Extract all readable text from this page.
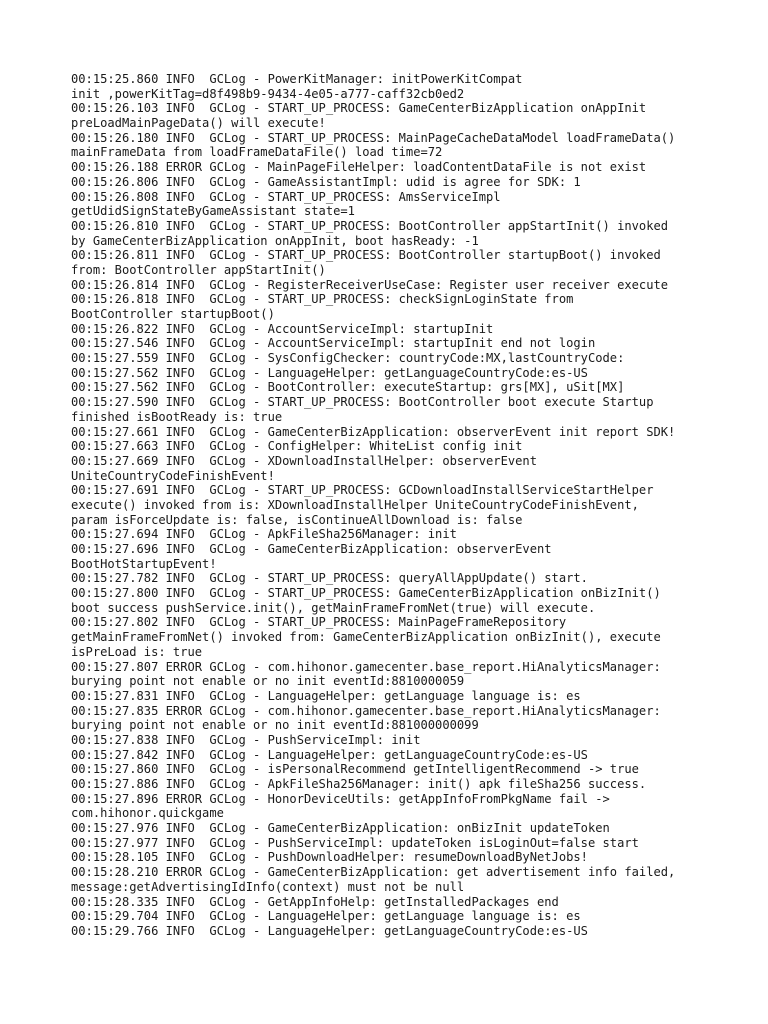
00:15:25.860 INFO  GCLog - PowerKitManager: initPowerKitCompat
init ,powerKitTag=d8f498b9-9434-4e05-a777-caff32cb0ed2
00:15:26.103 INFO  GCLog - START_UP_PROCESS: GameCenterBizApplication onAppInit
preLoadMainPageData() will execute!
00:15:26.180 INFO  GCLog - START_UP_PROCESS: MainPageCacheDataModel loadFrameData()
mainFrameData from loadFrameDataFile() load time=72
00:15:26.188 ERROR GCLog - MainPageFileHelper: loadContentDataFile is not exist
00:15:26.806 INFO  GCLog - GameAssistantImpl: udid is agree for SDK: 1
00:15:26.808 INFO  GCLog - START_UP_PROCESS: AmsServiceImpl
getUdidSignStateByGameAssistant state=1
00:15:26.810 INFO  GCLog - START_UP_PROCESS: BootController appStartInit() invoked
by GameCenterBizApplication onAppInit, boot hasReady: -1
00:15:26.811 INFO  GCLog - START_UP_PROCESS: BootController startupBoot() invoked
from: BootController appStartInit()
00:15:26.814 INFO  GCLog - RegisterReceiverUseCase: Register user receiver execute
00:15:26.818 INFO  GCLog - START_UP_PROCESS: checkSignLoginState from
BootController startupBoot()
00:15:26.822 INFO  GCLog - AccountServiceImpl: startupInit
00:15:27.546 INFO  GCLog - AccountServiceImpl: startupInit end not login
00:15:27.559 INFO  GCLog - SysConfigChecker: countryCode:MX,lastCountryCode:
00:15:27.562 INFO  GCLog - LanguageHelper: getLanguageCountryCode:es-US
00:15:27.562 INFO  GCLog - BootController: executeStartup: grs[MX], uSit[MX]
00:15:27.590 INFO  GCLog - START_UP_PROCESS: BootController boot execute Startup
finished isBootReady is: true
00:15:27.661 INFO  GCLog - GameCenterBizApplication: observerEvent init report SDK!
00:15:27.663 INFO  GCLog - ConfigHelper: WhiteList config init
00:15:27.669 INFO  GCLog - XDownloadInstallHelper: observerEvent
UniteCountryCodeFinishEvent!
00:15:27.691 INFO  GCLog - START_UP_PROCESS: GCDownloadInstallServiceStartHelper
execute() invoked from is: XDownloadInstallHelper UniteCountryCodeFinishEvent,
param isForceUpdate is: false, isContinueAllDownload is: false
00:15:27.694 INFO  GCLog - ApkFileSha256Manager: init
00:15:27.696 INFO  GCLog - GameCenterBizApplication: observerEvent
BootHotStartupEvent!
00:15:27.782 INFO  GCLog - START_UP_PROCESS: queryAllAppUpdate() start.
00:15:27.800 INFO  GCLog - START_UP_PROCESS: GameCenterBizApplication onBizInit()
boot success pushService.init(), getMainFrameFromNet(true) will execute.
00:15:27.802 INFO  GCLog - START_UP_PROCESS: MainPageFrameRepository
getMainFrameFromNet() invoked from: GameCenterBizApplication onBizInit(), execute
isPreLoad is: true
00:15:27.807 ERROR GCLog - com.hihonor.gamecenter.base_report.HiAnalyticsManager:
burying point not enable or no init eventId:8810000059
00:15:27.831 INFO  GCLog - LanguageHelper: getLanguage language is: es
00:15:27.835 ERROR GCLog - com.hihonor.gamecenter.base_report.HiAnalyticsManager:
burying point not enable or no init eventId:881000000099
00:15:27.838 INFO  GCLog - PushServiceImpl: init
00:15:27.842 INFO  GCLog - LanguageHelper: getLanguageCountryCode:es-US
00:15:27.860 INFO  GCLog - isPersonalRecommend getIntelligentRecommend -> true
00:15:27.886 INFO  GCLog - ApkFileSha256Manager: init() apk fileSha256 success.
00:15:27.896 ERROR GCLog - HonorDeviceUtils: getAppInfoFromPkgName fail ->
com.hihonor.quickgame
00:15:27.976 INFO  GCLog - GameCenterBizApplication: onBizInit updateToken
00:15:27.977 INFO  GCLog - PushServiceImpl: updateToken isLoginOut=false start
00:15:28.105 INFO  GCLog - PushDownloadHelper: resumeDownloadByNetJobs!
00:15:28.210 ERROR GCLog - GameCenterBizApplication: get advertisement info failed,
message:getAdvertisingIdInfo(context) must not be null
00:15:28.335 INFO  GCLog - GetAppInfoHelp: getInstalledPackages end
00:15:29.704 INFO  GCLog - LanguageHelper: getLanguage language is: es
00:15:29.766 INFO  GCLog - LanguageHelper: getLanguageCountryCode:es-US
